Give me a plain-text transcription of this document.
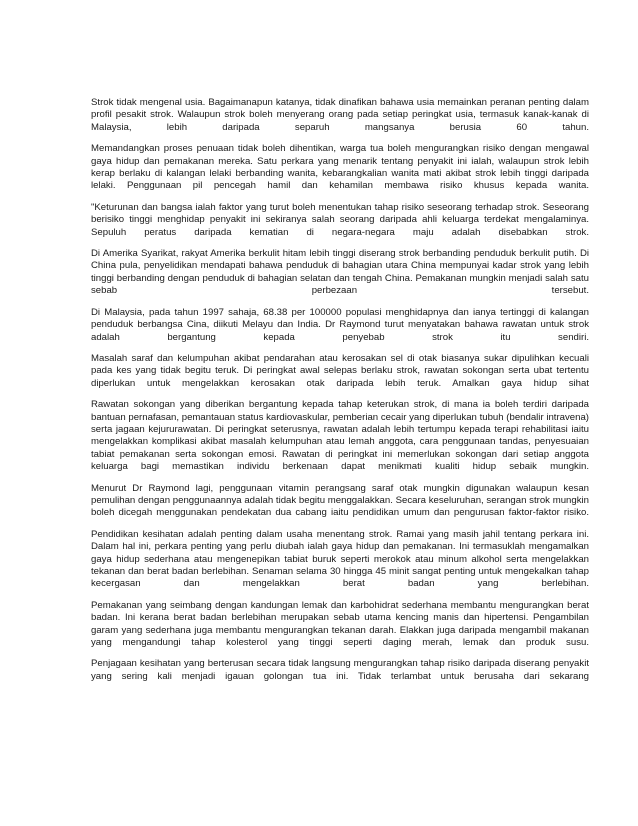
Strok tidak mengenal usia. Bagaimanapun katanya, tidak dinafikan bahawa usia memainkan peranan penting dalam profil pesakit strok. Walaupun strok boleh menyerang orang pada setiap peringkat usia, termasuk kanak-kanak di Malaysia, lebih daripada separuh mangsanya berusia 60 tahun.

Memandangkan proses penuaan tidak boleh dihentikan, warga tua boleh mengurangkan risiko dengan mengawal gaya hidup dan pemakanan mereka. Satu perkara yang menarik tentang penyakit ini ialah, walaupun strok lebih kerap berlaku di kalangan lelaki berbanding wanita, kebarangkalian wanita mati akibat strok lebih tinggi daripada lelaki. Penggunaan pil pencegah hamil dan kehamilan membawa risiko khusus kepada wanita.

"Keturunan dan bangsa ialah faktor yang turut boleh menentukan tahap risiko seseorang terhadap strok. Seseorang berisiko tinggi menghidap penyakit ini sekiranya salah seorang daripada ahli keluarga terdekat mengalaminya. Sepuluh peratus daripada kematian di negara-negara maju adalah disebabkan strok.

Di Amerika Syarikat, rakyat Amerika berkulit hitam lebih tinggi diserang strok berbanding penduduk berkulit putih. Di China pula, penyelidikan mendapati bahawa penduduk di bahagian utara China mempunyai kadar strok yang lebih tinggi berbanding dengan penduduk di bahagian selatan dan tengah China. Pemakanan mungkin menjadi salah satu sebab perbezaan tersebut.

Di Malaysia, pada tahun 1997 sahaja, 68.38 per 100000 populasi menghidapnya dan ianya tertinggi di kalangan penduduk berbangsa Cina, diikuti Melayu dan India. Dr Raymond turut menyatakan bahawa rawatan untuk strok adalah bergantung kepada penyebab strok itu sendiri.

Masalah saraf dan kelumpuhan akibat pendarahan atau kerosakan sel di otak biasanya sukar dipulihkan kecuali pada kes yang tidak begitu teruk. Di peringkat awal selepas berlaku strok, rawatan sokongan serta ubat tertentu diperlukan untuk mengelakkan kerosakan otak daripada lebih teruk. Amalkan gaya hidup sihat

Rawatan sokongan yang diberikan bergantung kepada tahap keterukan strok, di mana ia boleh terdiri daripada bantuan pernafasan, pemantauan status kardiovaskular, pemberian cecair yang diperlukan tubuh (bendalir intravena) serta jagaan kejururawatan. Di peringkat seterusnya, rawatan adalah lebih tertumpu kepada terapi rehabilitasi iaitu mengelakkan komplikasi akibat masalah kelumpuhan atau lemah anggota, cara penggunaan tandas, penyesuaian tabiat pemakanan serta sokongan emosi. Rawatan di peringkat ini memerlukan sokongan dari setiap anggota keluarga bagi memastikan individu berkenaan dapat menikmati kualiti hidup sebaik mungkin.

Menurut Dr Raymond lagi, penggunaan vitamin perangsang saraf otak mungkin digunakan walaupun kesan pemulihan dengan penggunaannya adalah tidak begitu menggalakkan. Secara keseluruhan, serangan strok mungkin boleh dicegah menggunakan pendekatan dua cabang iaitu pendidikan umum dan pengurusan faktor-faktor risiko.

Pendidikan kesihatan adalah penting dalam usaha menentang strok. Ramai yang masih jahil tentang perkara ini. Dalam hal ini, perkara penting yang perlu diubah ialah gaya hidup dan pemakanan. Ini termasuklah mengamalkan gaya hidup sederhana atau mengenepikan tabiat buruk seperti merokok atau minum alkohol serta mengelakkan tekanan dan berat badan berlebihan. Senaman selama 30 hingga 45 minit sangat penting untuk mengekalkan tahap kecergasan dan mengelakkan berat badan yang berlebihan.

Pemakanan yang seimbang dengan kandungan lemak dan karbohidrat sederhana membantu mengurangkan berat badan. Ini kerana berat badan berlebihan merupakan sebab utama kencing manis dan hipertensi. Pengambilan garam yang sederhana juga membantu mengurangkan tekanan darah. Elakkan juga daripada mengambil makanan yang mengandungi tahap kolesterol yang tinggi seperti daging merah, lemak dan produk susu.

Penjagaan kesihatan yang berterusan secara tidak langsung mengurangkan tahap risiko daripada diserang penyakit yang sering kali menjadi igauan golongan tua ini. Tidak terlambat untuk berusaha dari sekarang
